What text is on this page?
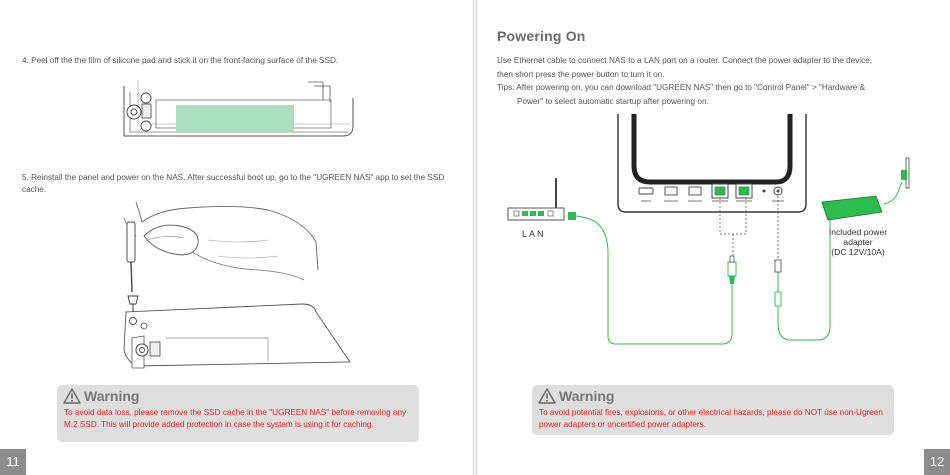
4. Peel off the the film of silicone pad and stick it on the front-facing surface of the SSD.

5. Reinstall the panel and power on the NAS. After successful boot up, go to the "UGREEN NAS" app to set the SSD cache.

Warning

To avoid data loss, please remove the SSD cache in the "UGREEN NAS" before removing any M.2 SSD. This will provide added protection in case the system is using it for caching.

11
Powering On
Use Ethernet cable to connect NAS to a LAN port on a router. Connect the power adapter to the device,
then short press the power button to turn it on.
Tips: After powering on, you can download "UGREEN NAS" then go to "Control Panel" > "Hardware &
Power" to select automatic startup after powering on.
LAN	Included power
adapter
(DC 12V/10A)
Warning

To avoid potential fires, explosions, or other electrical hazards, please do NOT use non-Ugreen power adapters or uncertified power adapters.

12
